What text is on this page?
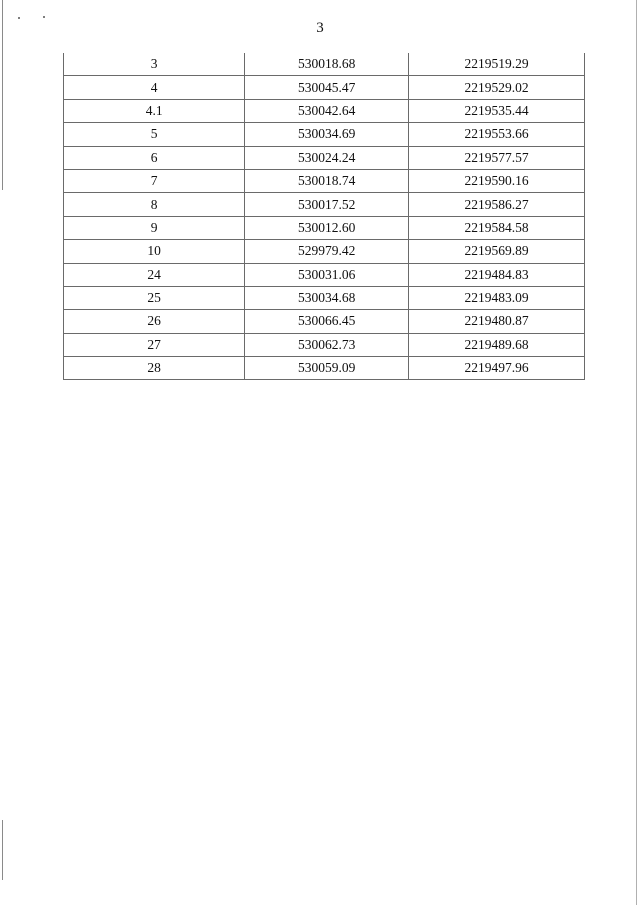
3
3	530018.68	2219519.29
4	530045.47	2219529.02
4.1	530042.64	2219535.44
5	530034.69	2219553.66
6	530024.24	2219577.57
7	530018.74	2219590.16
8	530017.52	2219586.27
9	530012.60	2219584.58
10	529979.42	2219569.89
24	530031.06	2219484.83
25	530034.68	2219483.09
26	530066.45	2219480.87
27	530062.73	2219489.68
28	530059.09	2219497.96
